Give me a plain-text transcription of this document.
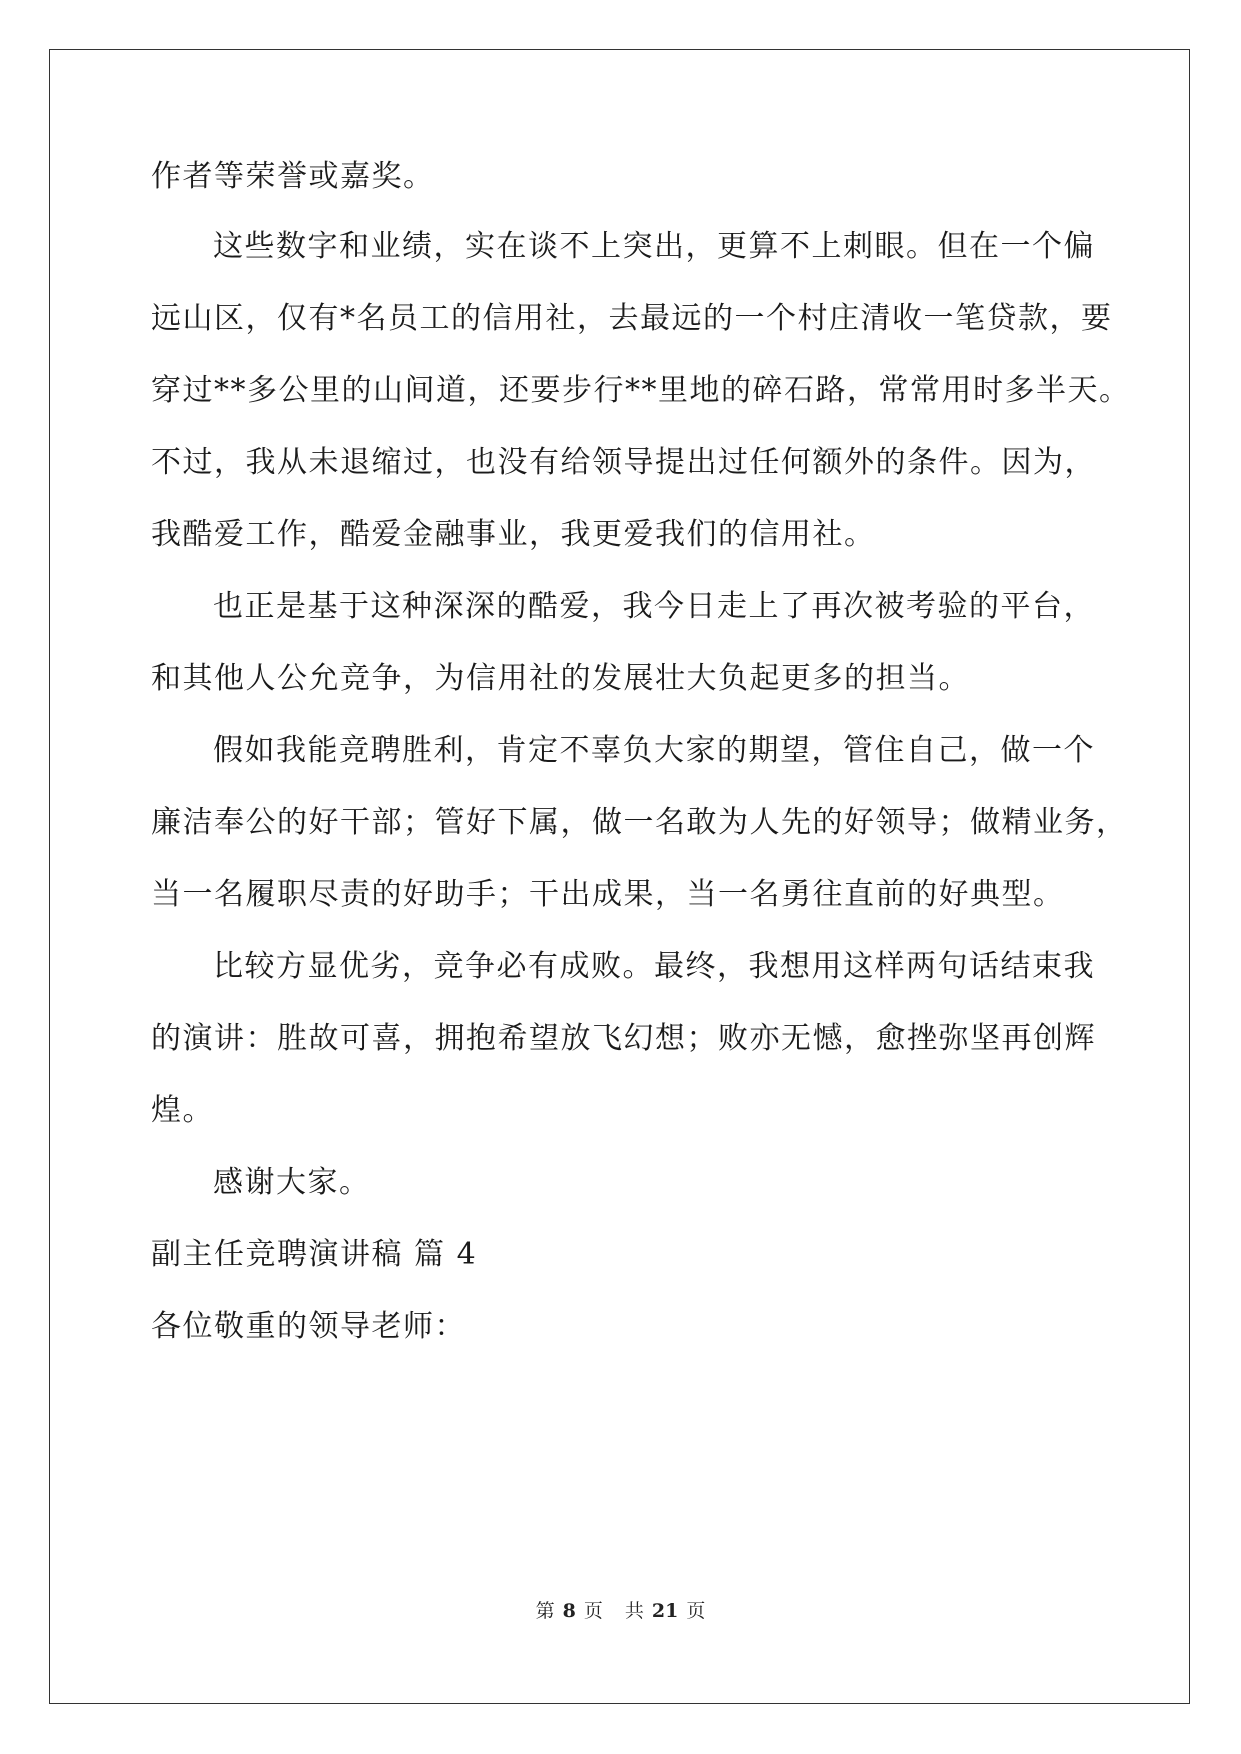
作者等荣誉或嘉奖。
这些数字和业绩，实在谈不上突出，更算不上刺眼。但在一个偏
远山区，仅有*名员工的信用社，去最远的一个村庄清收一笔贷款，要
穿过**多公里的山间道，还要步行**里地的碎石路，常常用时多半天。
不过，我从未退缩过，也没有给领导提出过任何额外的条件。因为，
我酷爱工作，酷爱金融事业，我更爱我们的信用社。
也正是基于这种深深的酷爱，我今日走上了再次被考验的平台，
和其他人公允竞争，为信用社的发展壮大负起更多的担当。
假如我能竞聘胜利，肯定不辜负大家的期望，管住自己，做一个
廉洁奉公的好干部；管好下属，做一名敢为人先的好领导；做精业务，
当一名履职尽责的好助手；干出成果，当一名勇往直前的好典型。
比较方显优劣，竞争必有成败。最终，我想用这样两句话结束我
的演讲：胜故可喜，拥抱希望放飞幻想；败亦无憾，愈挫弥坚再创辉
煌。
感谢大家。
副主任竞聘演讲稿 篇 4
各位敬重的领导老师：
第 8 页 共 21 页
